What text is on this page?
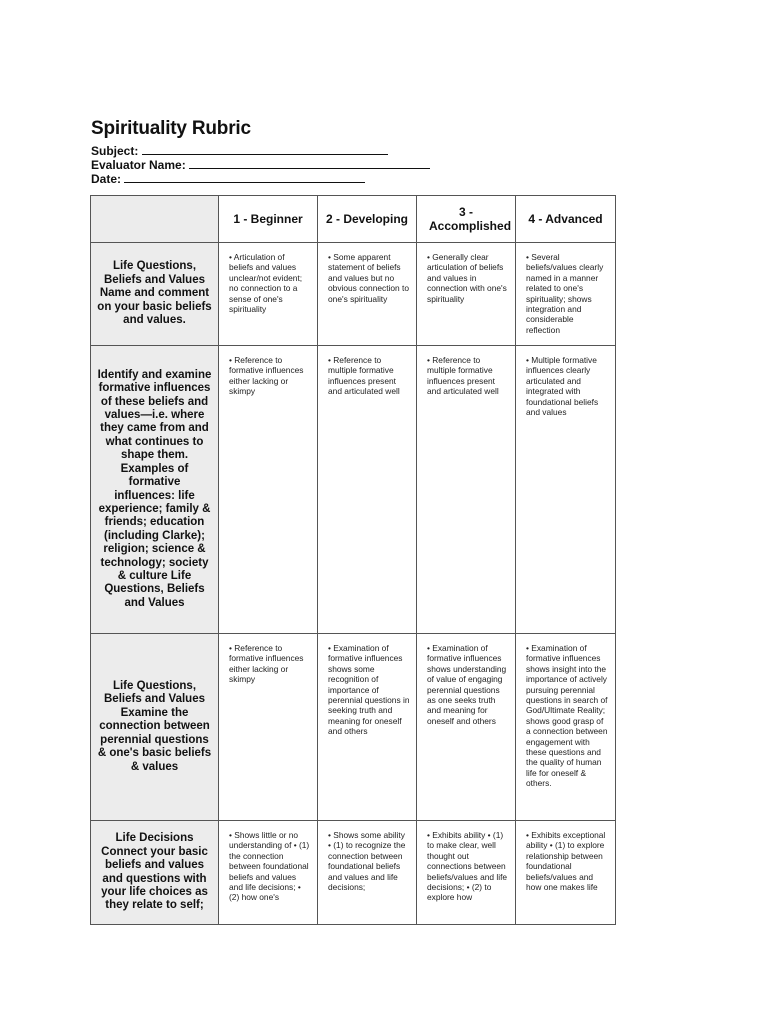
Spirituality Rubric
Subject:
Evaluator Name:
Date:
	1 - Beginner	2 - Developing	3 - Accomplished	4 - Advanced
Life Questions, Beliefs and Values Name and comment on your basic beliefs and values.	• Articulation of beliefs and values unclear/not evident; no connection to a sense of one's spirituality	• Some apparent statement of beliefs and values but no obvious connection to one's spirituality	• Generally clear articulation of beliefs and values in connection with one's spirituality	• Several beliefs/values clearly named in a manner related to one's spirituality; shows integration and considerable reflection
Identify and examine formative influences of these beliefs and values—i.e. where they came from and what continues to shape them. Examples of formative influences: life experience; family & friends; education (including Clarke); religion; science & technology; society & culture Life Questions, Beliefs and Values	• Reference to formative influences either lacking or skimpy	• Reference to multiple formative influences present and articulated well	• Reference to multiple formative influences present and articulated well	• Multiple formative influences clearly articulated and integrated with foundational beliefs and values
Life Questions, Beliefs and Values Examine the connection between perennial questions & one's basic beliefs & values	• Reference to formative influences either lacking or skimpy	• Examination of formative influences shows some recognition of importance of perennial questions in seeking truth and meaning for oneself and others	• Examination of formative influences shows understanding of value of engaging perennial questions as one seeks truth and meaning for oneself and others	• Examination of formative influences shows insight into the importance of actively pursuing perennial questions in search of God/Ultimate Reality; shows good grasp of a connection between engagement with these questions and the quality of human life for oneself & others.
Life Decisions Connect your basic beliefs and values and questions with your life choices as they relate to self;	• Shows little or no understanding of • (1) the connection between foundational beliefs and values and life decisions; • (2) how one's	• Shows some ability • (1) to recognize the connection between foundational beliefs and values and life decisions;	• Exhibits ability • (1) to make clear, well thought out connections between beliefs/values and life decisions; • (2) to explore how	• Exhibits exceptional ability • (1) to explore relationship between foundational beliefs/values and how one makes life
